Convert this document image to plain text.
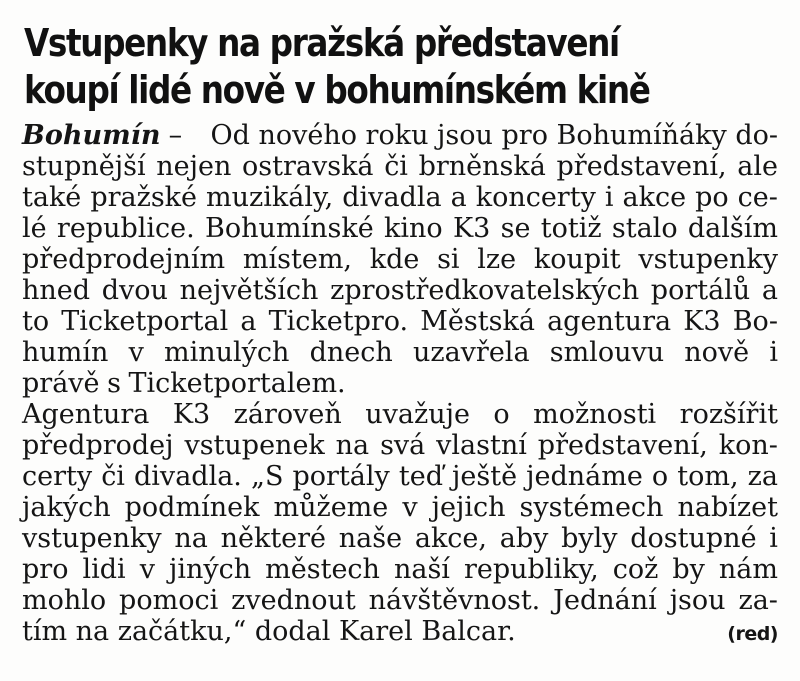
Vstupenky na pražská představení
koupí lidé nově v bohumínském kině
Bohumín – Od nového roku jsou pro Bohumíňáky do-
stupnější nejen ostravská či brněnská představení, ale
také pražské muzikály, divadla a koncerty i akce po ce-
lé republice. Bohumínské kino K3 se totiž stalo dalším
předprodejním místem, kde si lze koupit vstupenky
hned dvou největších zprostředkovatelských portálů a
to Ticketportal a Ticketpro. Městská agentura K3 Bo-
humín v minulých dnech uzavřela smlouvu nově i
právě s Ticketportalem.
Agentura K3 zároveň uvažuje o možnosti rozšířit
předprodej vstupenek na svá vlastní představení, kon-
certy či divadla. „S portály teď ještě jednáme o tom, za
jakých podmínek můžeme v jejich systémech nabízet
vstupenky na některé naše akce, aby byly dostupné i
pro lidi v jiných městech naší republiky, což by nám
mohlo pomoci zvednout návštěvnost. Jednání jsou za-
tím na začátku,“ dodal Karel Balcar.	(red)
